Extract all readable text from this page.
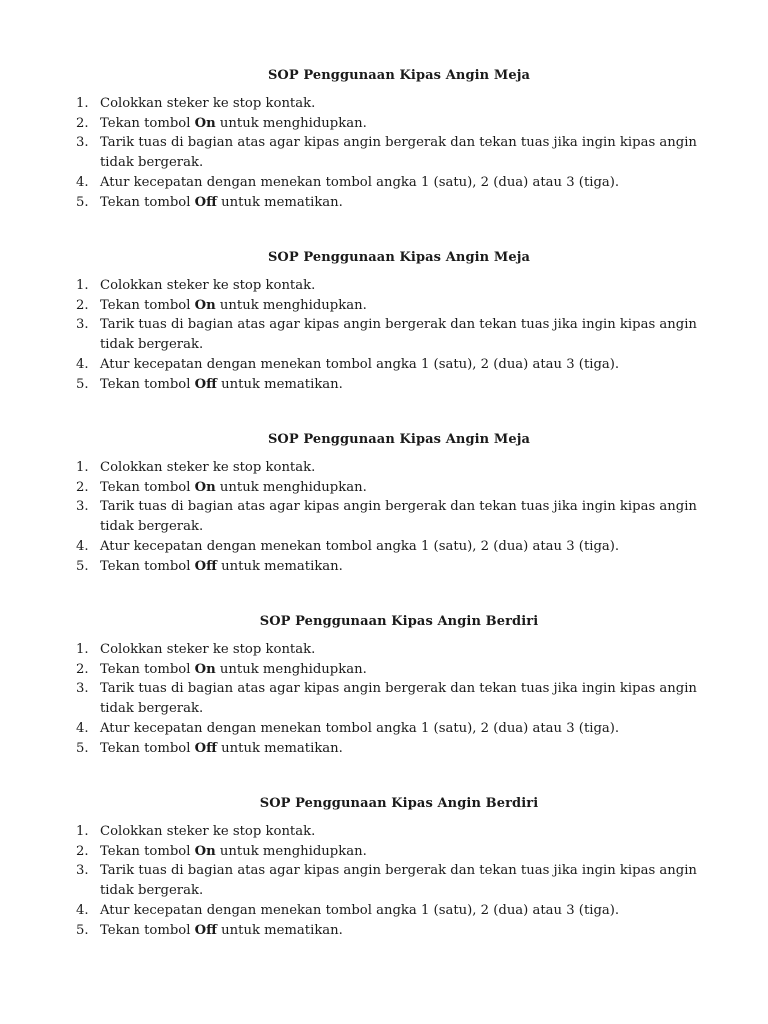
SOP Penggunaan Kipas Angin Meja
1. Colokkan steker ke stop kontak.
2. Tekan tombol On untuk menghidupkan.
3. Tarik tuas di bagian atas agar kipas angin bergerak dan tekan tuas jika ingin kipas angin tidak bergerak.
4. Atur kecepatan dengan menekan tombol angka 1 (satu), 2 (dua) atau 3 (tiga).
5. Tekan tombol Off untuk mematikan.
SOP Penggunaan Kipas Angin Meja
1. Colokkan steker ke stop kontak.
2. Tekan tombol On untuk menghidupkan.
3. Tarik tuas di bagian atas agar kipas angin bergerak dan tekan tuas jika ingin kipas angin tidak bergerak.
4. Atur kecepatan dengan menekan tombol angka 1 (satu), 2 (dua) atau 3 (tiga).
5. Tekan tombol Off untuk mematikan.
SOP Penggunaan Kipas Angin Meja
1. Colokkan steker ke stop kontak.
2. Tekan tombol On untuk menghidupkan.
3. Tarik tuas di bagian atas agar kipas angin bergerak dan tekan tuas jika ingin kipas angin tidak bergerak.
4. Atur kecepatan dengan menekan tombol angka 1 (satu), 2 (dua) atau 3 (tiga).
5. Tekan tombol Off untuk mematikan.
SOP Penggunaan Kipas Angin Berdiri
1. Colokkan steker ke stop kontak.
2. Tekan tombol On untuk menghidupkan.
3. Tarik tuas di bagian atas agar kipas angin bergerak dan tekan tuas jika ingin kipas angin tidak bergerak.
4. Atur kecepatan dengan menekan tombol angka 1 (satu), 2 (dua) atau 3 (tiga).
5. Tekan tombol Off untuk mematikan.
SOP Penggunaan Kipas Angin Berdiri
1. Colokkan steker ke stop kontak.
2. Tekan tombol On untuk menghidupkan.
3. Tarik tuas di bagian atas agar kipas angin bergerak dan tekan tuas jika ingin kipas angin tidak bergerak.
4. Atur kecepatan dengan menekan tombol angka 1 (satu), 2 (dua) atau 3 (tiga).
5. Tekan tombol Off untuk mematikan.
